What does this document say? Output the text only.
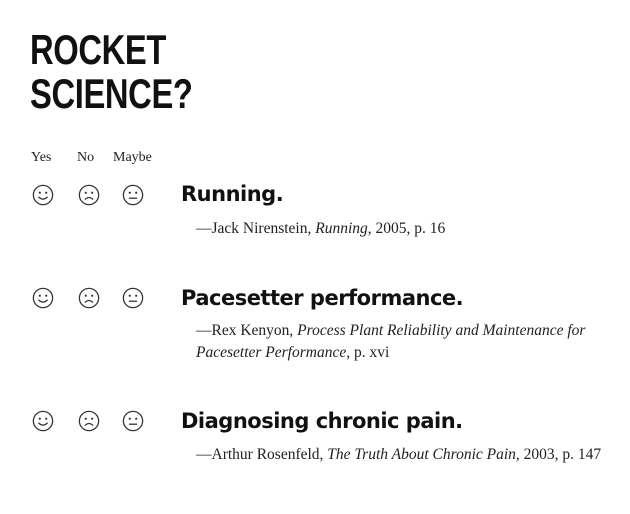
ROCKET
SCIENCE?
Yes No Maybe
Running.
—Jack Nirenstein, Running, 2005, p. 16
Pacesetter performance.
—Rex Kenyon, Process Plant Reliability and Maintenance for Pacesetter Performance, p. xvi
Diagnosing chronic pain.
—Arthur Rosenfeld, The Truth About Chronic Pain, 2003, p. 147
